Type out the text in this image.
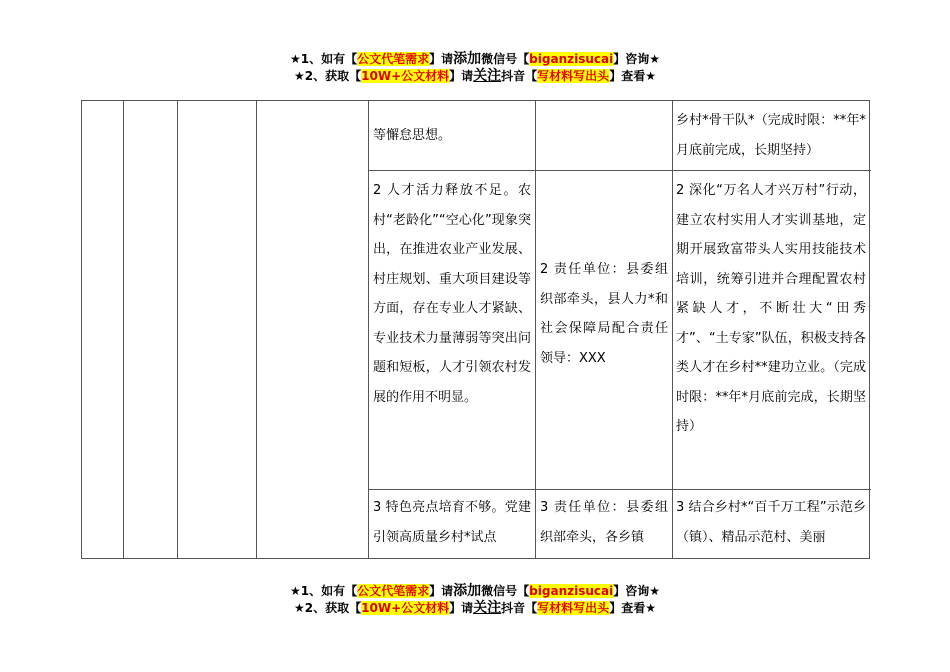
★1、如有【公文代笔需求】请添加微信号【biganzisucai】咨询★
★2、获取【10W+公文材料】请关注抖音【写材料写出头】查看★
等懈怠思想。
乡村*骨干队*（完成时限：**年*月底前完成，长期坚持）
2 人才活力释放不足。农村“老龄化”“空心化”现象突出，在推进农业产业发展、村庄规划、重大项目建设等方面，存在专业人才紧缺、专业技术力量薄弱等突出问题和短板，人才引领农村发展的作用不明显。
2 责任单位：县委组织部牵头，县人力*和社会保障局配合责任领导：XXX
2 深化“万名人才兴万村”行动，建立农村实用人才实训基地，定期开展致富带头人实用技能技术培训，统筹引进并合理配置农村紧缺人才，不断壮大“田秀才”、“土专家”队伍，积极支持各类人才在乡村**建功立业。（完成时限：**年*月底前完成，长期坚持）
3 特色亮点培育不够。党建引领高质量乡村*试点
3 责任单位：县委组织部牵头，各乡镇
3 结合乡村*“百千万工程”示范乡（镇）、精品示范村、美丽
★1、如有【公文代笔需求】请添加微信号【biganzisucai】咨询★
★2、获取【10W+公文材料】请关注抖音【写材料写出头】查看★
